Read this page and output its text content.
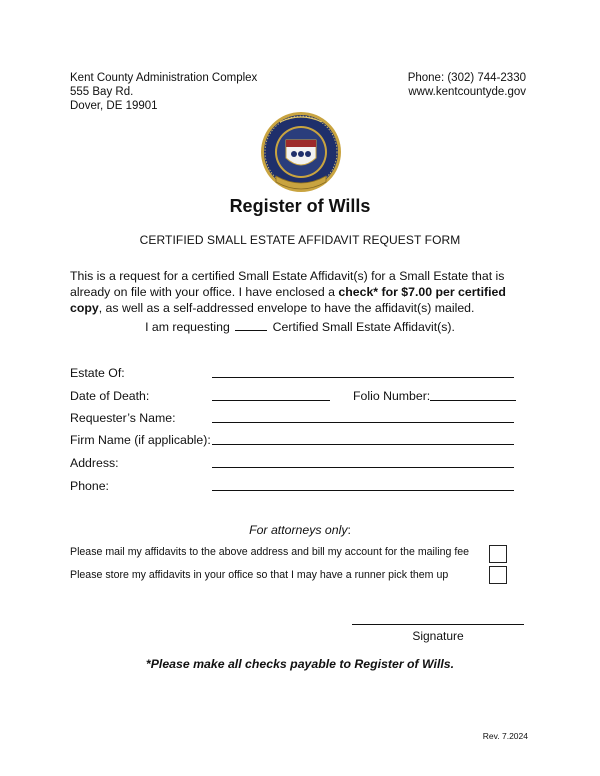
Kent County Administration Complex
555 Bay Rd.
Dover, DE 19901
Phone: (302) 744-2330
www.kentcountyde.gov
Register of Wills
CERTIFIED SMALL ESTATE AFFIDAVIT REQUEST FORM
This is a request for a certified Small Estate Affidavit(s) for a Small Estate that is already on file with your office. I have enclosed a check* for $7.00 per certified copy, as well as a self-addressed envelope to have the affidavit(s) mailed.
I am requesting	Certified Small Estate Affidavit(s).
Estate Of:
Date of Death:	Folio Number:
Requester’s Name:
Firm Name (if applicable):
Address:
Phone:
For attorneys only:
Please mail my affidavits to the above address and bill my account for the mailing fee
Please store my affidavits in your office so that I may have a runner pick them up
Signature
*Please make all checks payable to Register of Wills.
Rev. 7.2024
